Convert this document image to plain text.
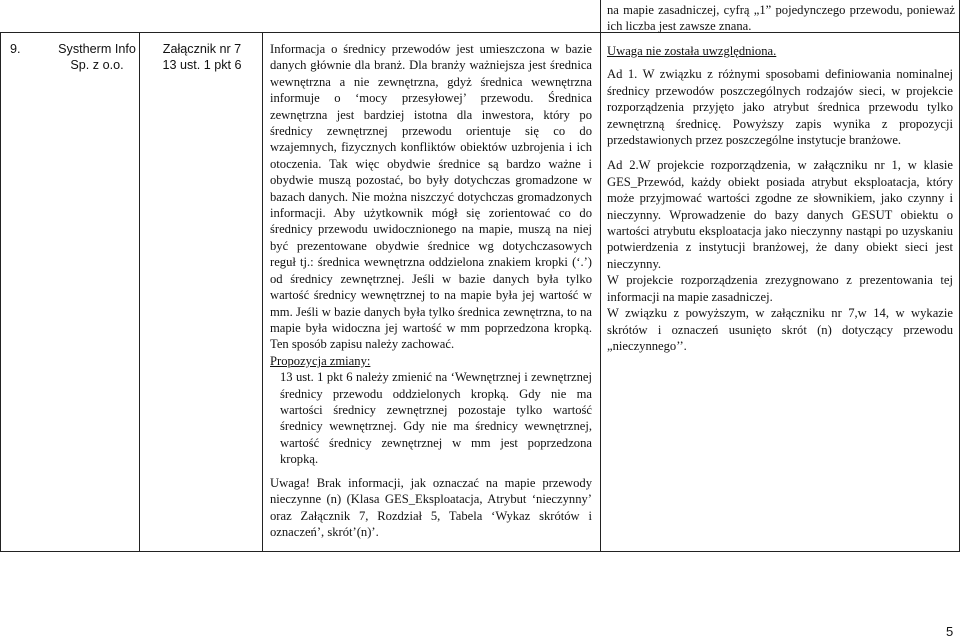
na mapie zasadniczej, cyfrą „1” pojedynczego przewodu, ponieważ ich liczba jest zawsze znana.
9.	Systherm Info Sp. z o.o.
Załącznik nr 7
13 ust. 1 pkt 6

Informacja o średnicy przewodów jest umieszczona w bazie danych głównie dla branż. Dla branży ważniejsza jest średnica wewnętrzna a nie zewnętrzna, gdyż średnica wewnętrzna informuje o ‘mocy przesyłowej’ przewodu. Średnica zewnętrzna jest bardziej istotna dla inwestora, który po średnicy zewnętrznej przewodu orientuje się co do wzajemnych, fizycznych konfliktów obiektów uzbrojenia i ich otoczenia. Tak więc obydwie średnice są bardzo ważne i obydwie muszą pozostać, bo były dotychczas gromadzone w bazach danych. Nie można niszczyć dotychczas gromadzonych informacji. Aby użytkownik mógł się zorientować co do średnicy przewodu uwidocznionego na mapie, muszą na niej być prezentowane obydwie średnice wg dotychczasowych reguł tj.: średnica wewnętrzna oddzielona znakiem kropki (‘.’) od średnicy zewnętrznej. Jeśli w bazie danych była tylko wartość średnicy wewnętrznej to na mapie była jej wartość w mm. Jeśli w bazie danych była tylko średnica zewnętrzna, to na mapie była widoczna jej wartość w mm poprzedzona kropką. Ten sposób zapisu należy zachować.

Propozycja zmiany:

13 ust. 1 pkt 6 należy zmienić na ‘Wewnętrznej i zewnętrznej średnicy przewodu oddzielonych kropką. Gdy nie ma wartości średnicy zewnętrznej pozostaje tylko wartość średnicy wewnętrznej. Gdy nie ma średnicy wewnętrznej, wartość średnicy zewnętrznej w mm jest poprzedzona kropką.

Uwaga! Brak informacji, jak oznaczać na mapie przewody nieczynne (n) (Klasa GES_Eksploatacja, Atrybut ‘nieczynny’ oraz Załącznik 7, Rozdział 5, Tabela ‘Wykaz skrótów i oznaczeń’, skrót’(n)’.

Uwaga nie została uwzględniona.

Ad 1. W związku z różnymi sposobami definiowania nominalnej średnicy przewodów poszczególnych rodzajów sieci, w projekcie rozporządzenia przyjęto jako atrybut średnica przewodu tylko zewnętrzną średnicę. Powyższy zapis wynika z propozycji przedstawionych przez poszczególne instytucje branżowe.

Ad 2.W projekcie rozporządzenia, w załączniku nr 1, w klasie GES_Przewód, każdy obiekt posiada atrybut eksploatacja, który może przyjmować wartości zgodne ze słownikiem, jako czynny i nieczynny. Wprowadzenie do bazy danych GESUT obiektu o wartości atrybutu eksploatacja jako nieczynny nastąpi po uzyskaniu potwierdzenia z instytucji branżowej, że dany obiekt sieci jest nieczynny.

W projekcie rozporządzenia zrezygnowano z prezentowania tej informacji na mapie zasadniczej.

W związku z powyższym, w załączniku nr 7,w 14, w wykazie skrótów i oznaczeń usunięto skrót (n) dotyczący przewodu „nieczynnego’’.

5
